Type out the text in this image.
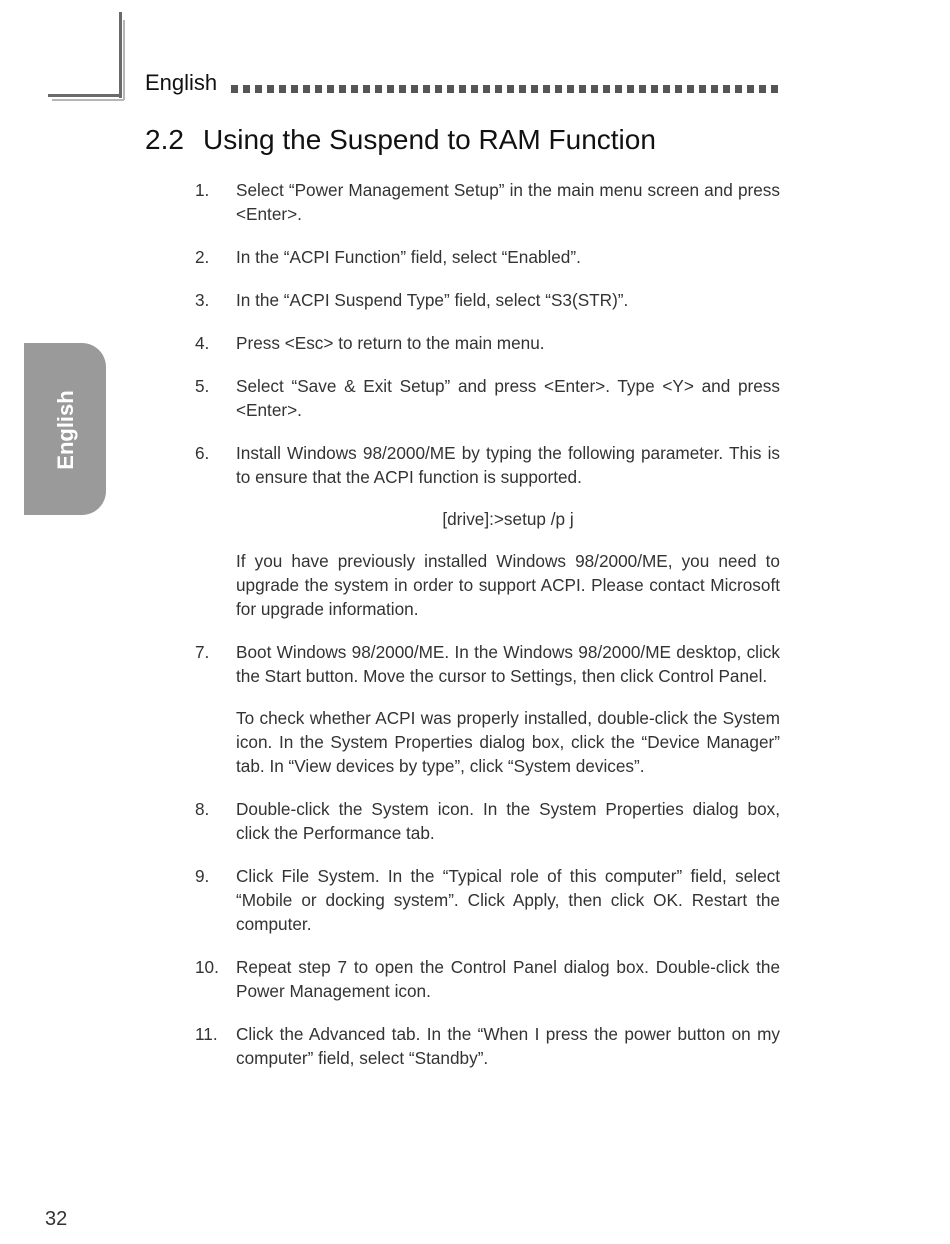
English
English
2.2 Using the Suspend to RAM Function
1.	Select “Power Management Setup” in the main menu screen and press <Enter>.

2.	In the “ACPI Function” field, select “Enabled”.

3.	In the “ACPI Suspend Type” field, select “S3(STR)”.

4.	Press <Esc> to return to the main menu.

5.	Select “Save & Exit Setup” and press <Enter>. Type <Y> and press <Enter>.

6.	Install Windows 98/2000/ME by typing the following parameter. This is to ensure that the ACPI function is supported.

[drive]:>setup /p j

If you have previously installed Windows 98/2000/ME, you need to upgrade the system in order to support ACPI. Please contact Microsoft for upgrade information.

7.	Boot Windows 98/2000/ME. In the Windows 98/2000/ME desktop, click the Start button. Move the cursor to Settings, then click Control Panel.

To check whether ACPI was properly installed, double-click the System icon. In the System Properties dialog box, click the “Device Manager” tab. In “View devices by type”, click “System devices”.

8.	Double-click the System icon. In the System Properties dialog box, click the Performance tab.

9.	Click File System. In the “Typical role of this computer” field, select “Mobile or docking system”. Click Apply, then click OK. Restart the computer.

10. Repeat step 7 to open the Control Panel dialog box. Double-click the Power Management icon.

11.	Click the Advanced tab. In the “When I press the power button on my computer” field, select “Standby”.

32
